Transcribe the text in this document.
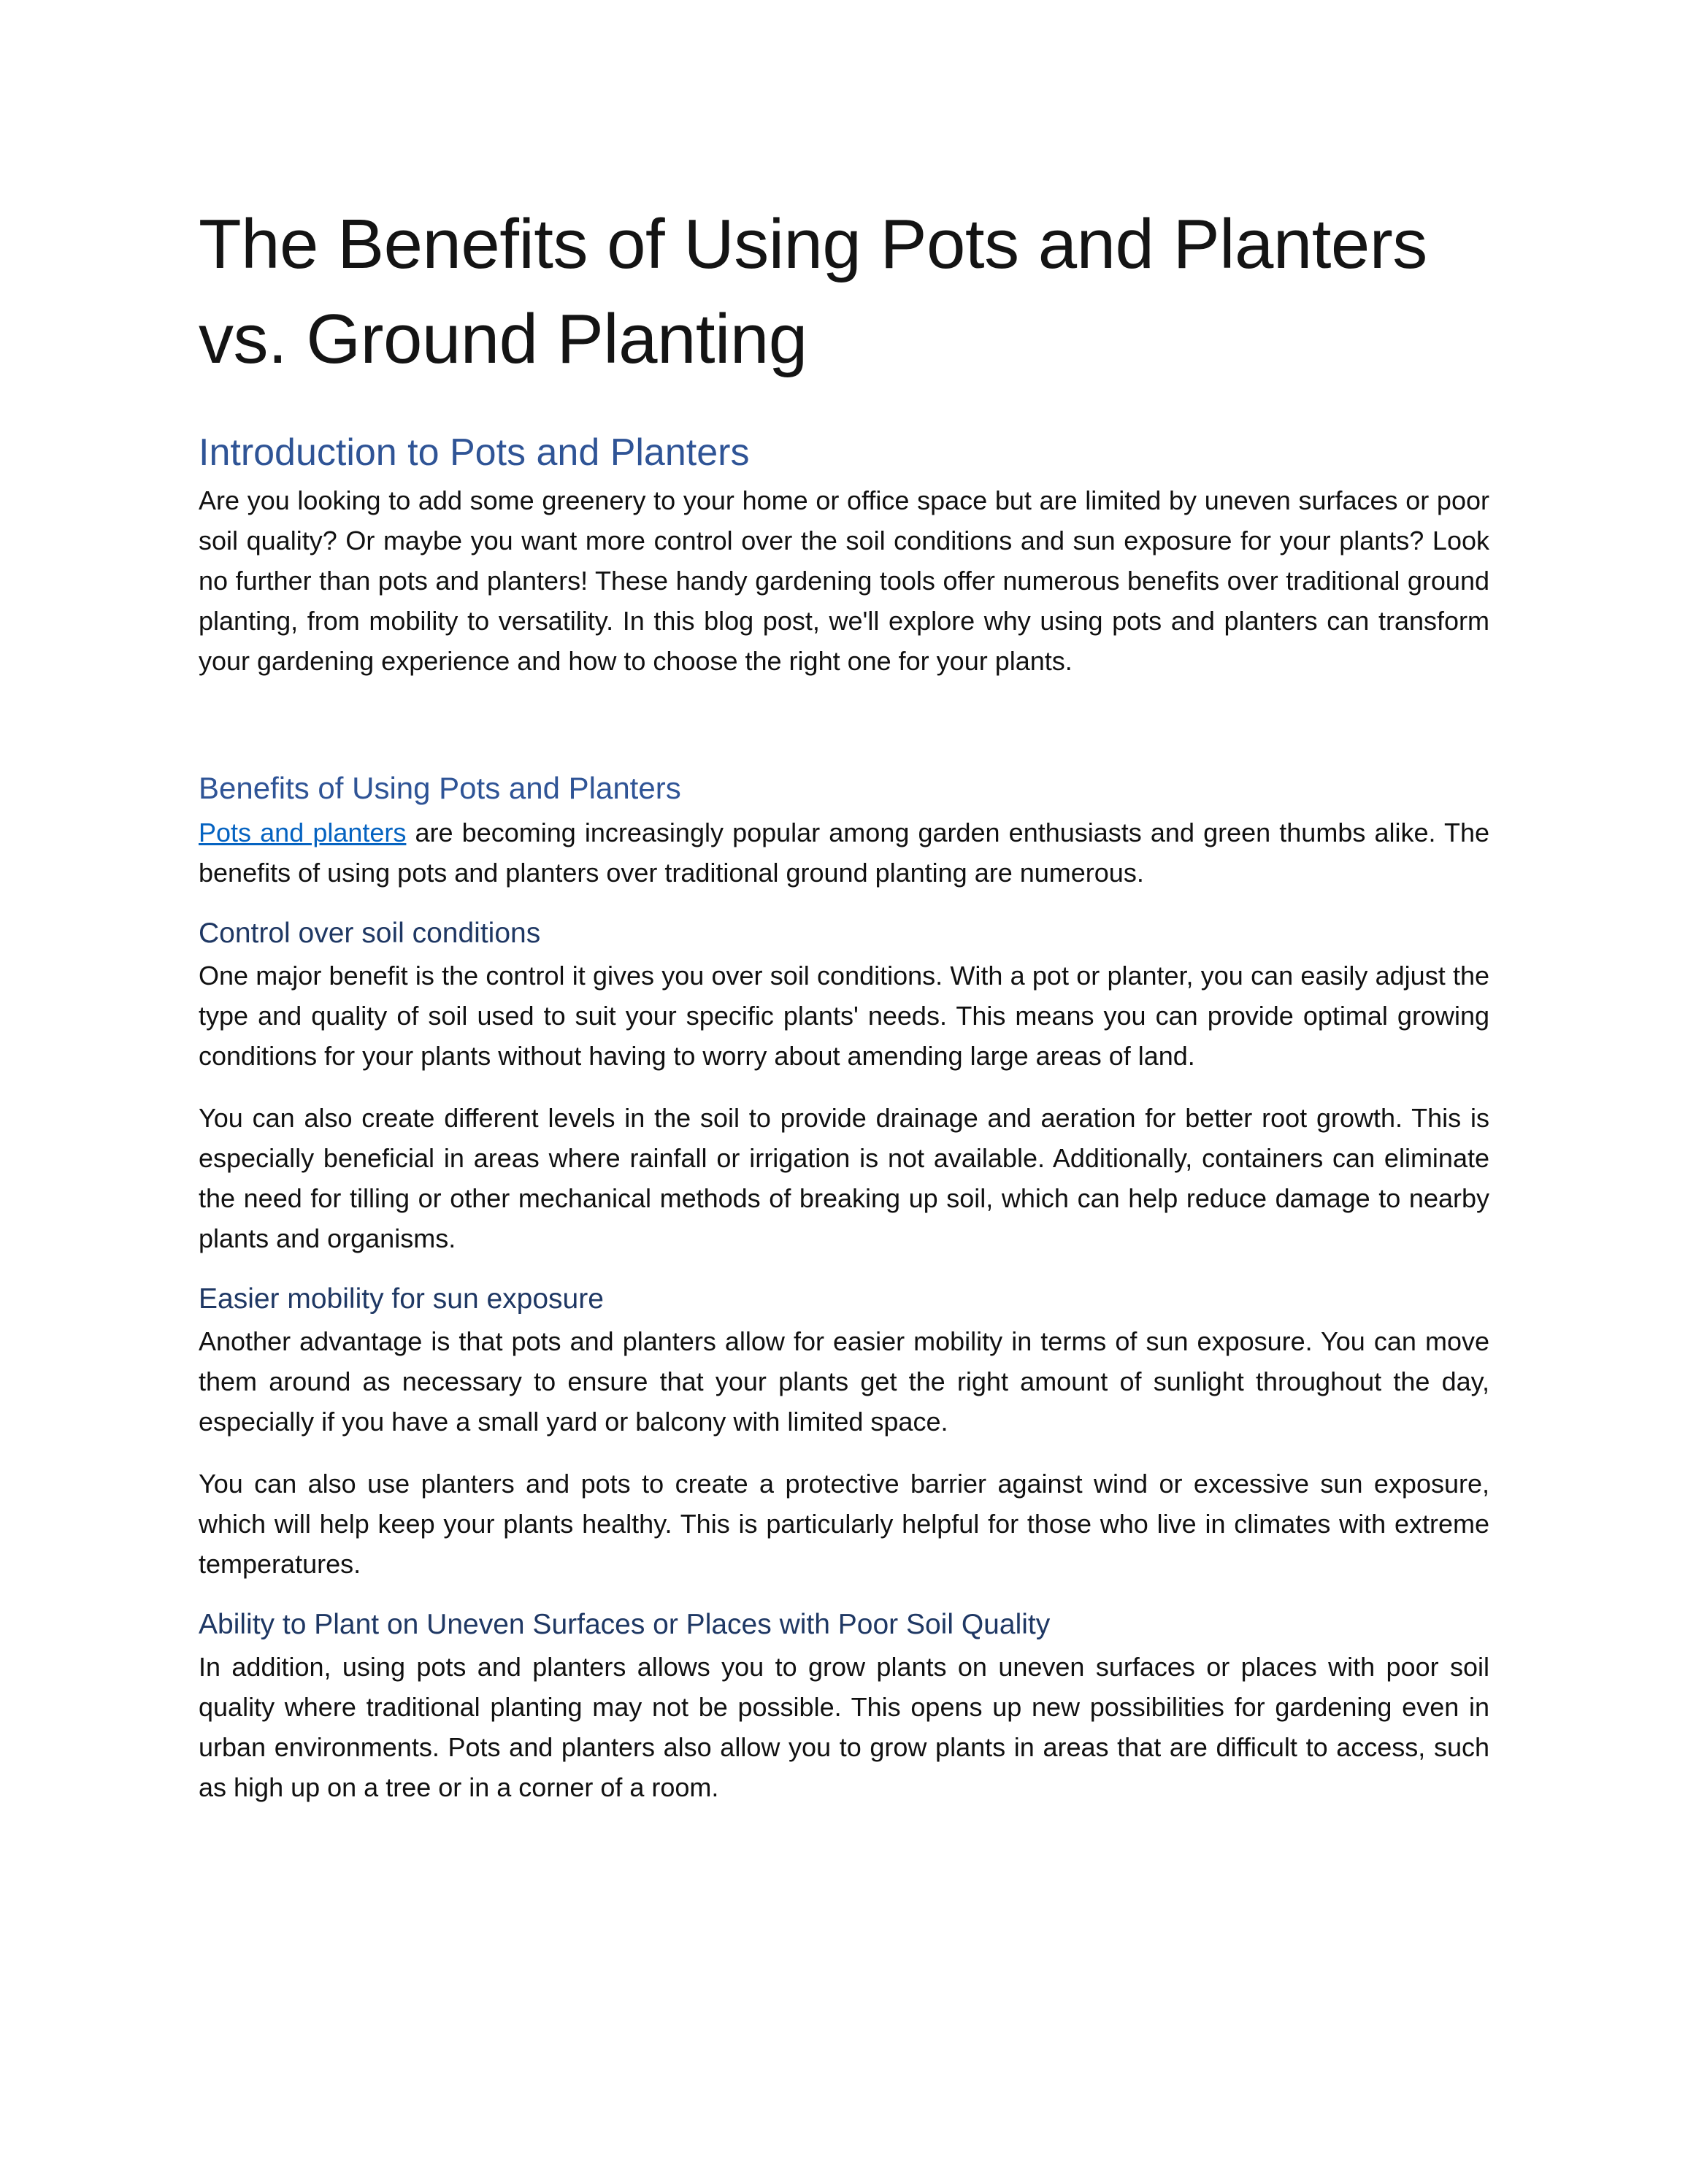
The Benefits of Using Pots and Planters vs. Ground Planting
Introduction to Pots and Planters

Are you looking to add some greenery to your home or office space but are limited by uneven surfaces or poor soil quality? Or maybe you want more control over the soil conditions and sun exposure for your plants? Look no further than pots and planters! These handy gardening tools offer numerous benefits over traditional ground planting, from mobility to versatility. In this blog post, we'll explore why using pots and planters can transform your gardening experience and how to choose the right one for your plants.

Benefits of Using Pots and Planters

Pots and planters are becoming increasingly popular among garden enthusiasts and green thumbs alike. The benefits of using pots and planters over traditional ground planting are numerous.

Control over soil conditions

One major benefit is the control it gives you over soil conditions. With a pot or planter, you can easily adjust the type and quality of soil used to suit your specific plants' needs. This means you can provide optimal growing conditions for your plants without having to worry about amending large areas of land.

You can also create different levels in the soil to provide drainage and aeration for better root growth. This is especially beneficial in areas where rainfall or irrigation is not available. Additionally, containers can eliminate the need for tilling or other mechanical methods of breaking up soil, which can help reduce damage to nearby plants and organisms.

Easier mobility for sun exposure

Another advantage is that pots and planters allow for easier mobility in terms of sun exposure. You can move them around as necessary to ensure that your plants get the right amount of sunlight throughout the day, especially if you have a small yard or balcony with limited space.

You can also use planters and pots to create a protective barrier against wind or excessive sun exposure, which will help keep your plants healthy. This is particularly helpful for those who live in climates with extreme temperatures.

Ability to Plant on Uneven Surfaces or Places with Poor Soil Quality

In addition, using pots and planters allows you to grow plants on uneven surfaces or places with poor soil quality where traditional planting may not be possible. This opens up new possibilities for gardening even in urban environments. Pots and planters also allow you to grow plants in areas that are difficult to access, such as high up on a tree or in a corner of a room.
